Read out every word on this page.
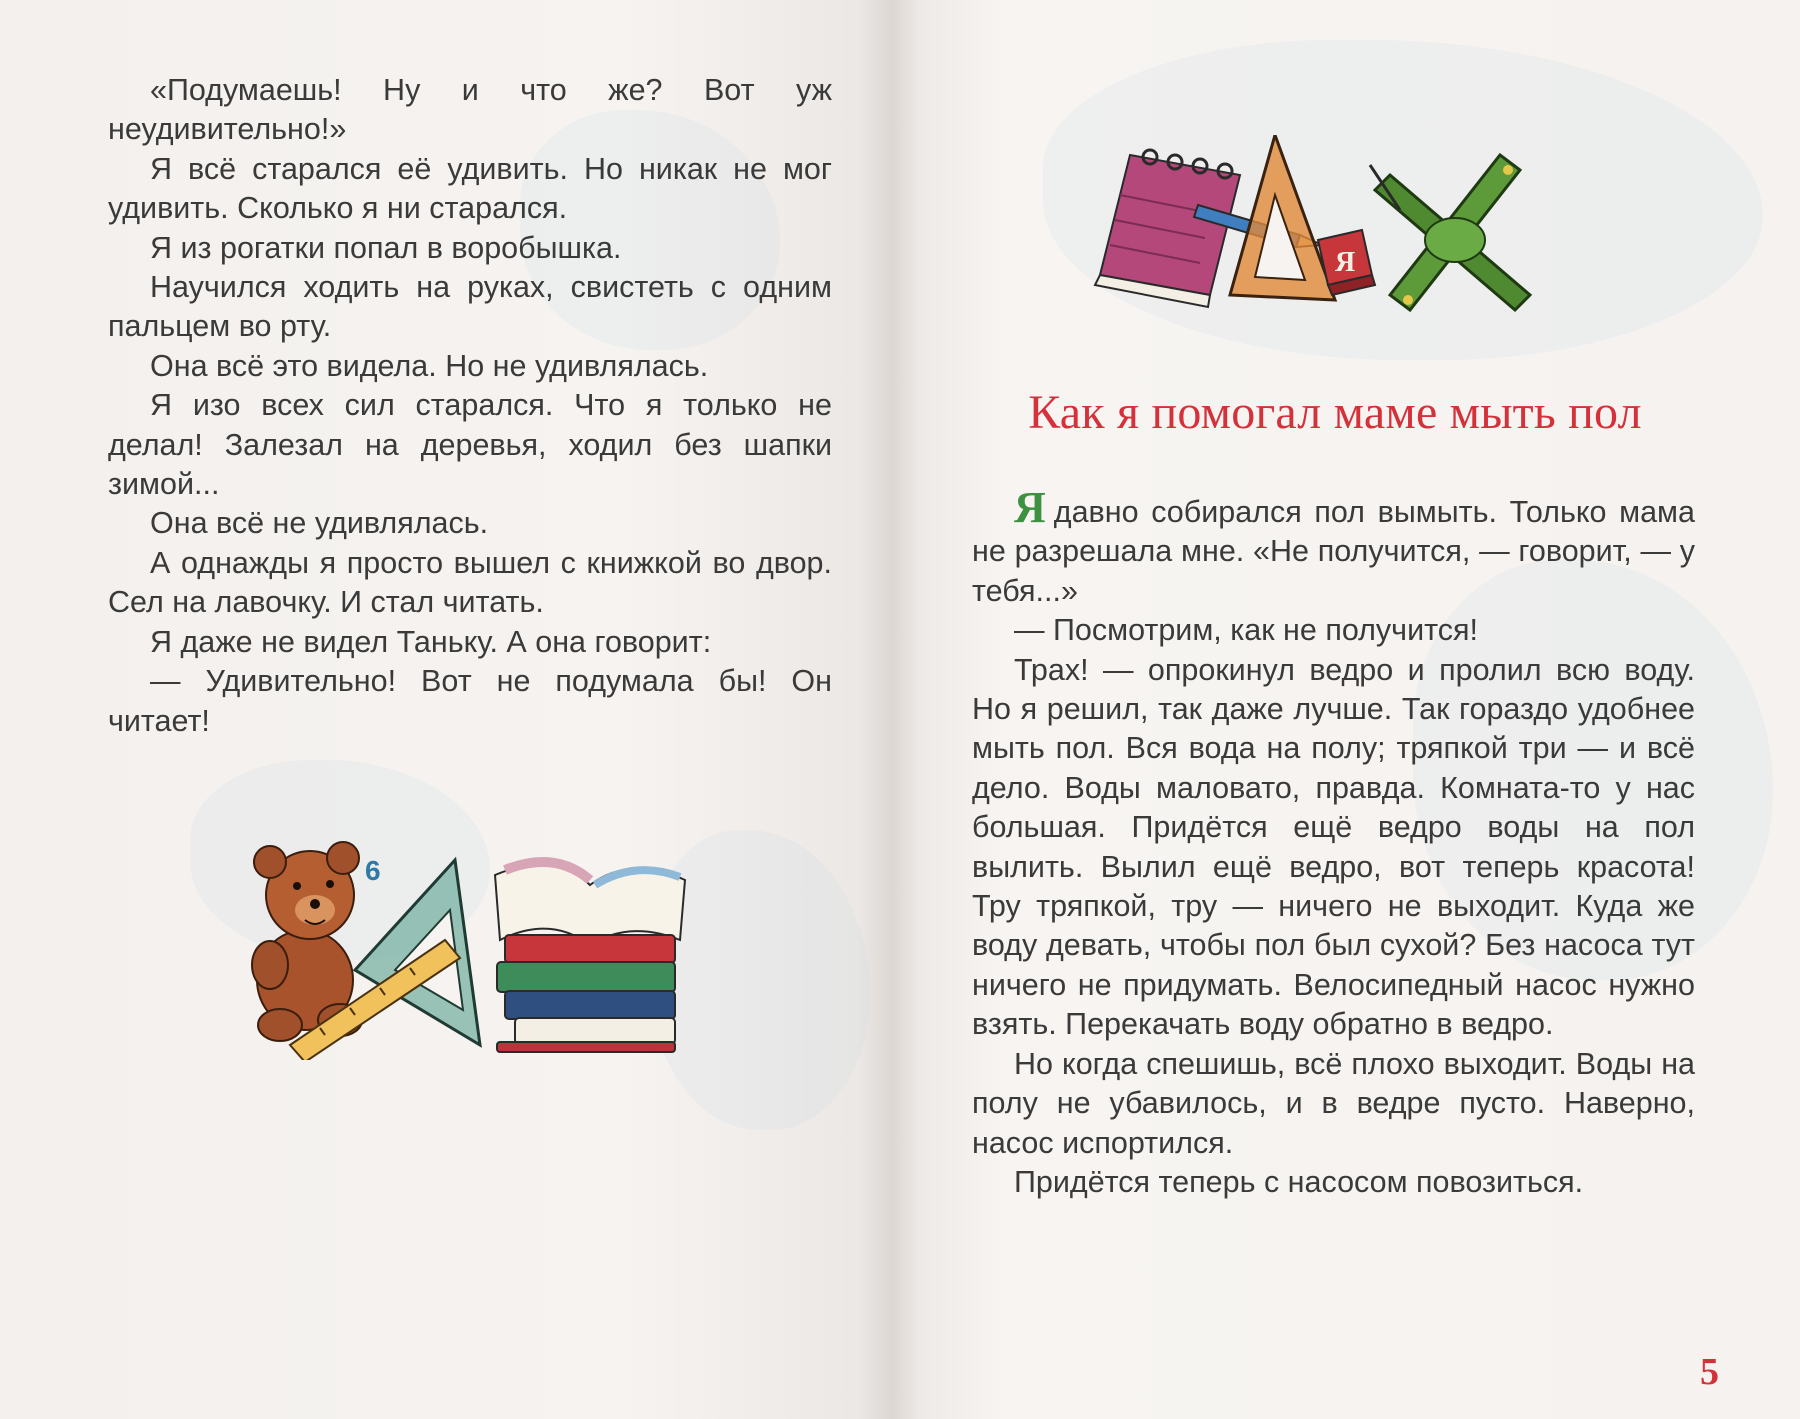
«Подумаешь! Ну и что же? Вот уж неудивительно!»

Я всё старался её удивить. Но никак не мог удивить. Сколько я ни старался.

Я из рогатки попал в воробышка.

Научился ходить на руках, свистеть с одним пальцем во рту.

Она всё это видела. Но не удивлялась.

Я изо всех сил старался. Что я только не делал! Залезал на деревья, ходил без шапки зимой...

Она всё не удивлялась.

А однажды я просто вышел с книжкой во двор. Сел на лавочку. И стал читать.

Я даже не видел Таньку. А она говорит:

— Удивительно! Вот не подумала бы! Он читает!

6
Я
Как я помогал маме мыть пол

Я давно собирался пол вымыть. Только мама не разрешала мне. «Не получится, — говорит, — у тебя...»

— Посмотрим, как не получится!

Трах! — опрокинул ведро и пролил всю воду. Но я решил, так даже лучше. Так гораздо удобнее мыть пол. Вся вода на полу; тряпкой три — и всё дело. Воды маловато, правда. Комната-то у нас большая. Придётся ещё ведро воды на пол вылить. Вылил ещё ведро, вот теперь красота! Тру тряпкой, тру — ничего не выходит. Куда же воду девать, чтобы пол был сухой? Без насоса тут ничего не придумать. Велосипедный насос нужно взять. Перекачать воду обратно в ведро.

Но когда спешишь, всё плохо выходит. Воды на полу не убавилось, и в ведре пусто. Наверно, насос испортился.

Придётся теперь с насосом повозиться.

5
